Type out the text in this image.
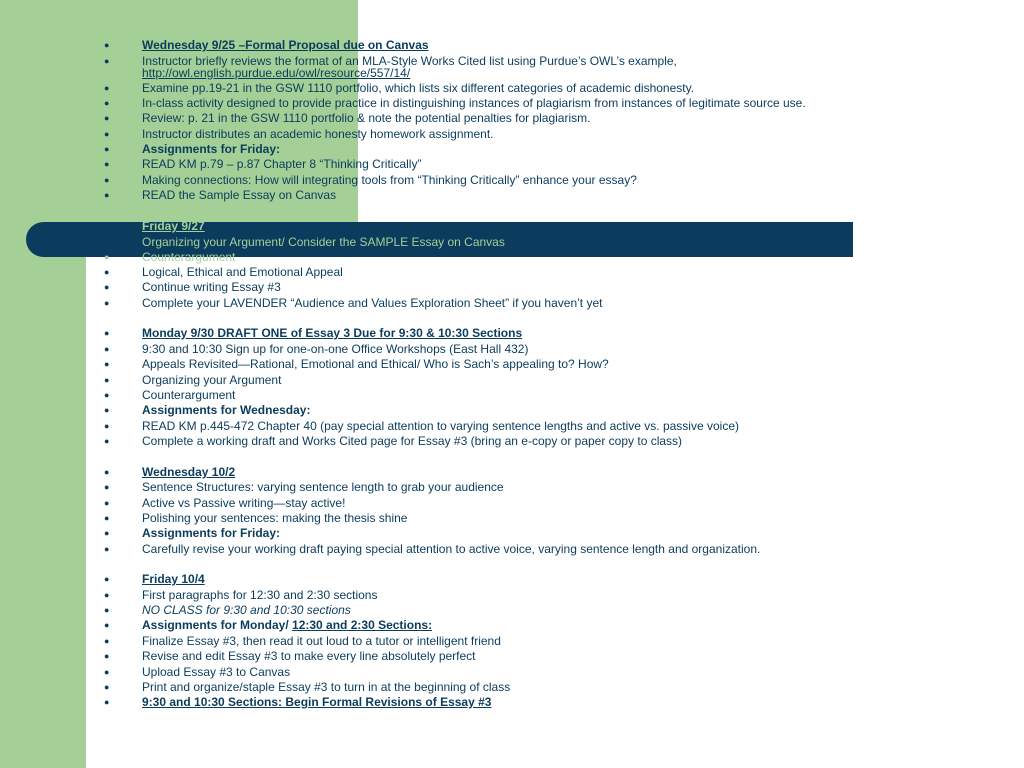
●	Wednesday 9/25 –Formal Proposal due on Canvas
●	Instructor briefly reviews the format of an MLA-Style Works Cited list using Purdue’s OWL’s example,
http://owl.english.purdue.edu/owl/resource/557/14/
●	Examine pp.19-21 in the GSW 1110 portfolio, which lists six different categories of academic dishonesty.
●	In-class activity designed to provide practice in distinguishing instances of plagiarism from instances of legitimate source use.
●	Review: p. 21 in the GSW 1110 portfolio & note the potential penalties for plagiarism.
●	Instructor distributes an academic honesty homework assignment.
●	Assignments for Friday:
●	READ KM p.79 – p.87 Chapter 8 “Thinking Critically”
●	Making connections: How will integrating tools from “Thinking Critically” enhance your essay?
●	READ the Sample Essay on Canvas
Friday 9/27
Organizing your Argument/ Consider the SAMPLE Essay on Canvas
●	Counterargument
●	Logical, Ethical and Emotional Appeal
●	Continue writing Essay #3
●	Complete your LAVENDER “Audience and Values Exploration Sheet” if you haven’t yet
●	Monday 9/30 DRAFT ONE of Essay 3 Due for 9:30 & 10:30 Sections
●	9:30 and 10:30 Sign up for one-on-one Office Workshops (East Hall 432)
●	Appeals Revisited—Rational, Emotional and Ethical/ Who is Sach’s appealing to? How?
●	Organizing your Argument
●	Counterargument
●	Assignments for Wednesday:
●	READ KM p.445-472 Chapter 40 (pay special attention to varying sentence lengths and active vs. passive voice)
●	Complete a working draft and Works Cited page for Essay #3 (bring an e-copy or paper copy to class)
●	Wednesday 10/2
●	Sentence Structures: varying sentence length to grab your audience
●	Active vs Passive writing—stay active!
●	Polishing your sentences: making the thesis shine
●	Assignments for Friday:
●	Carefully revise your working draft paying special attention to active voice, varying sentence length and organization.
●	Friday 10/4
●	First paragraphs for 12:30 and 2:30 sections
●	NO CLASS for 9:30 and 10:30 sections
●	Assignments for Monday/ 12:30 and 2:30 Sections:
●	Finalize Essay #3, then read it out loud to a tutor or intelligent friend
●	Revise and edit Essay #3 to make every line absolutely perfect
●	Upload Essay #3 to Canvas
●	Print and organize/staple Essay #3 to turn in at the beginning of class
●	9:30 and 10:30 Sections: Begin Formal Revisions of Essay #3
